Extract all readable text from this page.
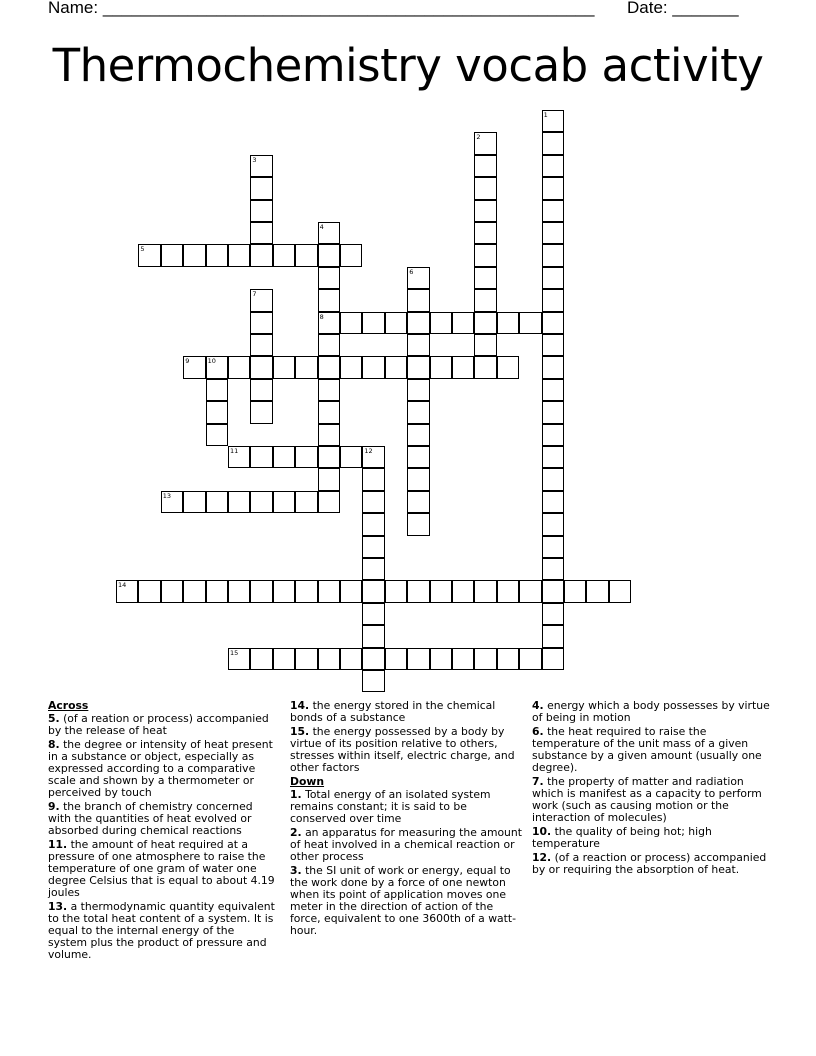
Name: ____________________________________________________ Date: _______
Thermochemistry vocab activity
1
2
3
4
8
5
6
7
9	10
11	12
13
14
15
Across
5. (of a reation or process) accompanied by the release of heat
8. the degree or intensity of heat present in a substance or object, especially as expressed according to a comparative scale and shown by a thermometer or perceived by touch
9. the branch of chemistry concerned with the quantities of heat evolved or absorbed during chemical reactions
11. the amount of heat required at a pressure of one atmosphere to raise the temperature of one gram of water one degree Celsius that is equal to about 4.19 joules
13. a thermodynamic quantity equivalent to the total heat content of a system. It is equal to the internal energy of the system plus the product of pressure and volume.
14. the energy stored in the chemical bonds of a substance
15. the energy possessed by a body by virtue of its position relative to others, stresses within itself, electric charge, and other factors
Down
1. Total energy of an isolated system remains constant; it is said to be conserved over time
2. an apparatus for measuring the amount of heat involved in a chemical reaction or other process
3. the SI unit of work or energy, equal to the work done by a force of one newton when its point of application moves one meter in the direction of action of the force, equivalent to one 3600th of a watt-hour.
4. energy which a body possesses by virtue of being in motion
6. the heat required to raise the temperature of the unit mass of a given substance by a given amount (usually one degree).
7. the property of matter and radiation which is manifest as a capacity to perform work (such as causing motion or the interaction of molecules)
10. the quality of being hot; high temperature
12. (of a reaction or process) accompanied by or requiring the absorption of heat.
